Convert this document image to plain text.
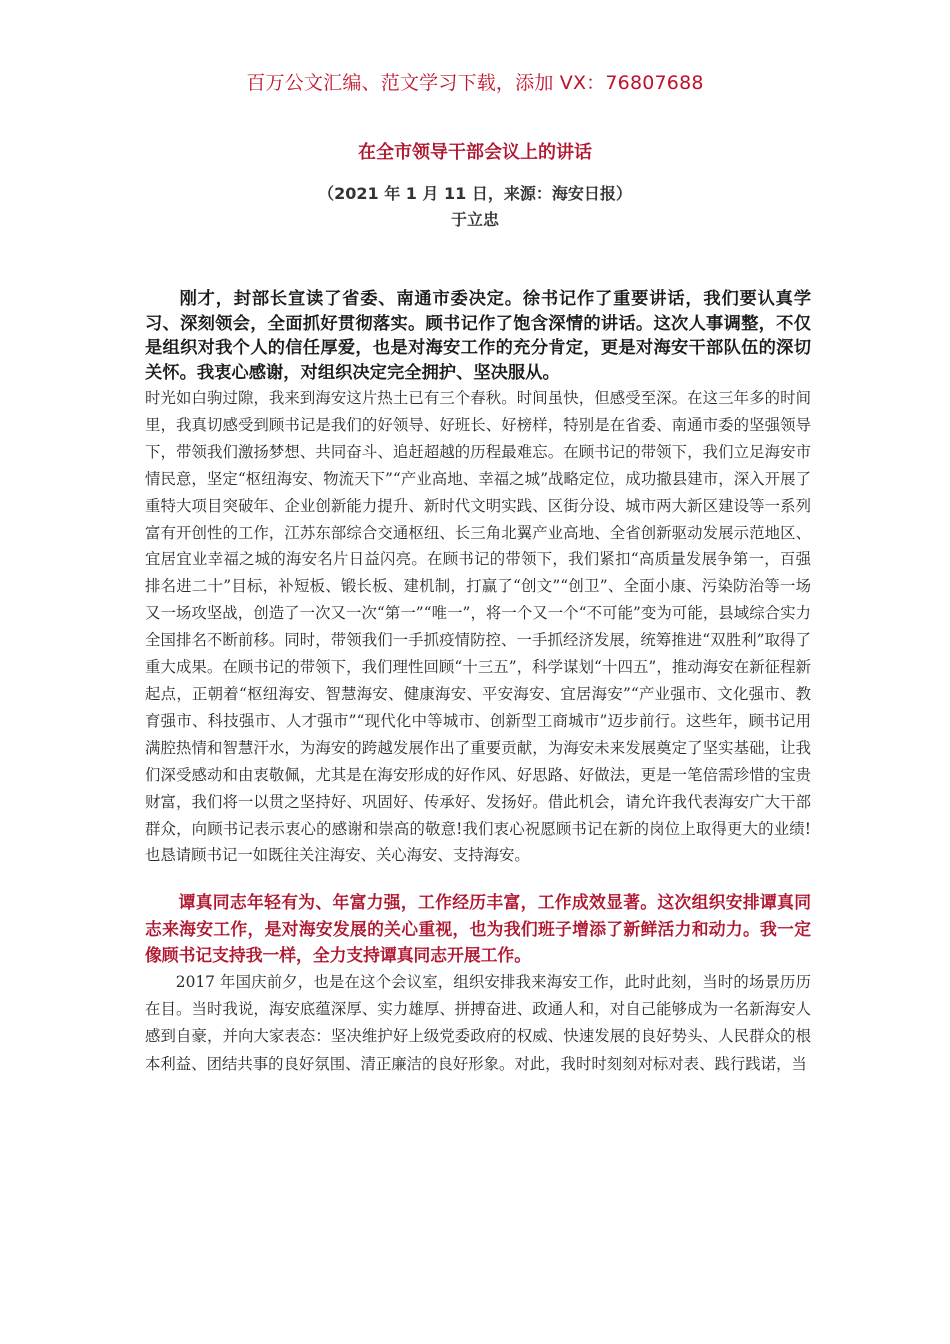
百万公文汇编、范文学习下载，添加 VX：76807688
在全市领导干部会议上的讲话
（2021 年 1 月 11 日，来源：海安日报）
于立忠

刚才，封部长宣读了省委、南通市委决定。徐书记作了重要讲话，我们要认真学习、深刻领会，全面抓好贯彻落实。顾书记作了饱含深情的讲话。这次人事调整，不仅是组织对我个人的信任厚爱，也是对海安工作的充分肯定，更是对海安干部队伍的深切关怀。我衷心感谢，对组织决定完全拥护、坚决服从。

时光如白驹过隙，我来到海安这片热土已有三个春秋。时间虽快，但感受至深。在这三年多的时间里，我真切感受到顾书记是我们的好领导、好班长、好榜样，特别是在省委、南通市委的坚强领导下，带领我们激扬梦想、共同奋斗、追赶超越的历程最难忘。在顾书记的带领下，我们立足海安市情民意，坚定“枢纽海安、物流天下”“产业高地、幸福之城”战略定位，成功撤县建市，深入开展了重特大项目突破年、企业创新能力提升、新时代文明实践、区街分设、城市两大新区建设等一系列富有开创性的工作，江苏东部综合交通枢纽、长三角北翼产业高地、全省创新驱动发展示范地区、宜居宜业幸福之城的海安名片日益闪亮。在顾书记的带领下，我们紧扣“高质量发展争第一，百强排名进二十”目标，补短板、锻长板、建机制，打赢了“创文”“创卫”、全面小康、污染防治等一场又一场攻坚战，创造了一次又一次“第一”“唯一”，将一个又一个“不可能”变为可能，县域综合实力全国排名不断前移。同时，带领我们一手抓疫情防控、一手抓经济发展，统筹推进“双胜利”取得了重大成果。在顾书记的带领下，我们理性回顾“十三五”，科学谋划“十四五”，推动海安在新征程新起点，正朝着“枢纽海安、智慧海安、健康海安、平安海安、宜居海安”“产业强市、文化强市、教育强市、科技强市、人才强市”“现代化中等城市、创新型工商城市”迈步前行。这些年，顾书记用满腔热情和智慧汗水，为海安的跨越发展作出了重要贡献，为海安未来发展奠定了坚实基础，让我们深受感动和由衷敬佩，尤其是在海安形成的好作风、好思路、好做法，更是一笔倍需珍惜的宝贵财富，我们将一以贯之坚持好、巩固好、传承好、发扬好。借此机会，请允许我代表海安广大干部群众，向顾书记表示衷心的感谢和崇高的敬意!我们衷心祝愿顾书记在新的岗位上取得更大的业绩!也恳请顾书记一如既往关注海安、关心海安、支持海安。

谭真同志年轻有为、年富力强，工作经历丰富，工作成效显著。这次组织安排谭真同志来海安工作，是对海安发展的关心重视，也为我们班子增添了新鲜活力和动力。我一定像顾书记支持我一样，全力支持谭真同志开展工作。

2017 年国庆前夕，也是在这个会议室，组织安排我来海安工作，此时此刻，当时的场景历历在目。当时我说，海安底蕴深厚、实力雄厚、拼搏奋进、政通人和，对自己能够成为一名新海安人感到自豪，并向大家表态：坚决维护好上级党委政府的权威、快速发展的良好势头、人民群众的根本利益、团结共事的良好氛围、清正廉洁的良好形象。对此，我时时刻刻对标对表、践行践诺，当
